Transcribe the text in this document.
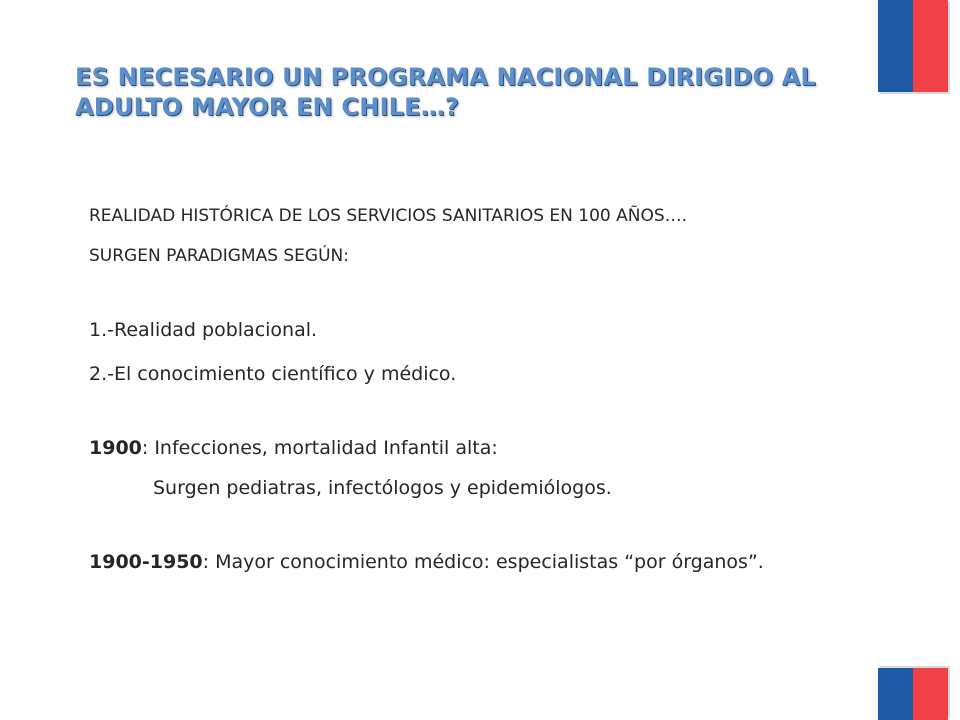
ES NECESARIO UN PROGRAMA NACIONAL DIRIGIDO AL
ADULTO MAYOR EN CHILE…?
REALIDAD HISTÓRICA DE LOS SERVICIOS SANITARIOS EN 100 AÑOS….
SURGEN PARADIGMAS SEGÚN:
1.-Realidad poblacional.
2.-El conocimiento científico y médico.
1900: Infecciones, mortalidad Infantil alta:
Surgen pediatras, infectólogos y epidemiólogos.
1900-1950: Mayor conocimiento médico: especialistas “por órganos”.
